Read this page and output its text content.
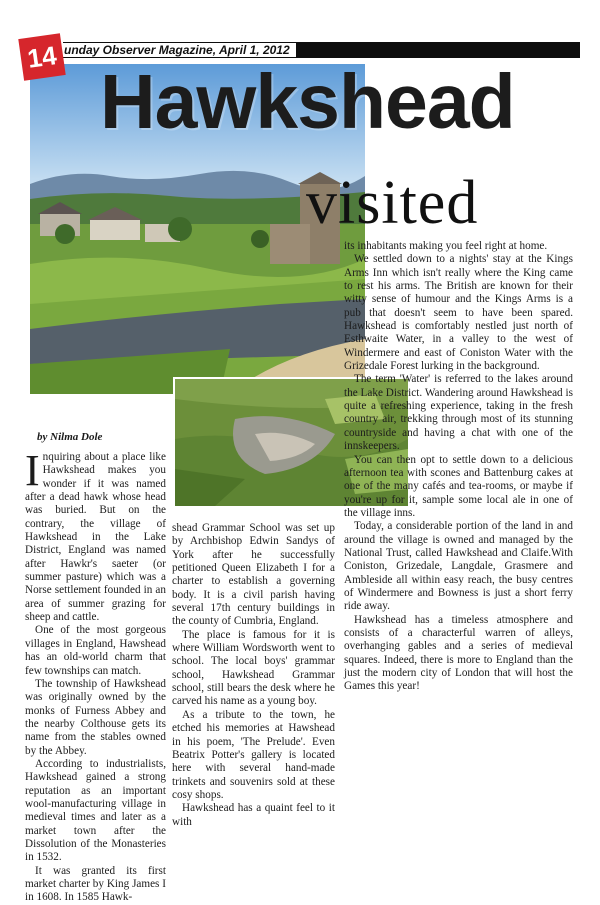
14 unday Observer Magazine, April 1, 2012
Hawkshead
visited
by Nilma Dole

Inquiring about a place like Hawkshead makes you wonder if it was named after a dead hawk whose head was buried. But on the contrary, the village of Hawkshead in the Lake District, England was named after Hawkr's saeter (or summer pasture) which was a Norse settlement founded in an area of summer grazing for sheep and cattle.

One of the most gorgeous villages in England, Hawshead has an old-world charm that few townships can match.

The township of Hawkshead was originally owned by the monks of Furness Abbey and the nearby Colthouse gets its name from the stables owned by the Abbey.

According to industrialists, Hawkshead gained a strong reputation as an important wool-manufacturing village in medieval times and later as a market town after the Dissolution of the Monasteries in 1532.

It was granted its first market charter by King James I in 1608. In 1585 Hawk-

shead Grammar School was set up by Archbishop Edwin Sandys of York after he successfully petitioned Queen Elizabeth I for a charter to establish a governing body. It is a civil parish having several 17th century buildings in the county of Cumbria, England.

The place is famous for it is where William Wordsworth went to school. The local boys' grammar school, Hawkshead Grammar school, still bears the desk where he carved his name as a young boy.

As a tribute to the town, he etched his memories at Hawshead in his poem, 'The Prelude'. Even Beatrix Potter's gallery is located here with several hand-made trinkets and souvenirs sold at these cosy shops.

Hawkshead has a quaint feel to it with

its inhabitants making you feel right at home.

We settled down to a nights' stay at the Kings Arms Inn which isn't really where the King came to rest his arms. The British are known for their witty sense of humour and the Kings Arms is a pub that doesn't seem to have been spared. Hawkshead is comfortably nestled just north of Esthwaite Water, in a valley to the west of Windermere and east of Coniston Water with the Grizedale Forest lurking in the background.

The term 'Water' is referred to the lakes around the Lake District. Wandering around Hawkshead is quite a refreshing experience, taking in the fresh country air, trekking through most of its stunning countryside and having a chat with one of the innskeepers.

You can then opt to settle down to a delicious afternoon tea with scones and Battenburg cakes at one of the many cafés and tea-rooms, or maybe if you're up for it, sample some local ale in one of the village inns.

Today, a considerable portion of the land in and around the village is owned and managed by the National Trust, called Hawkshead and Claife.With Coniston, Grizedale, Langdale, Grasmere and Ambleside all within easy reach, the busy centres of Windermere and Bowness is just a short ferry ride away.

Hawkshead has a timeless atmosphere and consists of a characterful warren of alleys, overhanging gables and a series of medieval squares. Indeed, there is more to England than the just the modern city of London that will host the Games this year!
